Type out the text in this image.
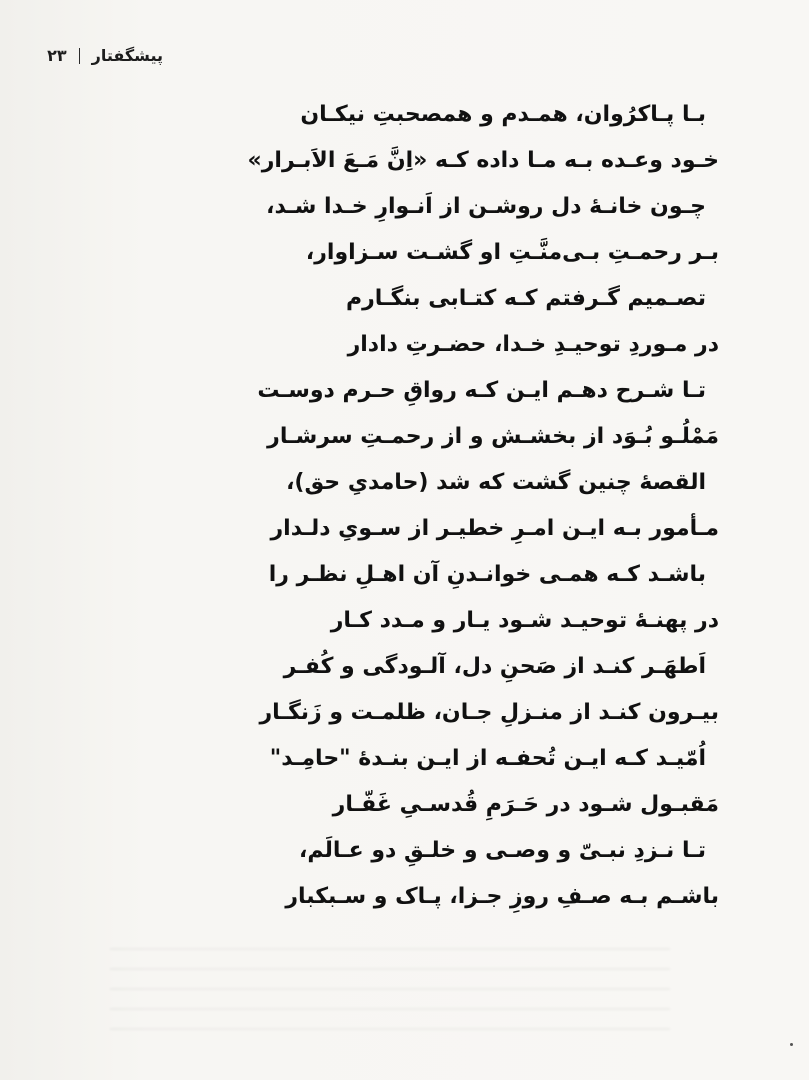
پیشگفتار
۲۳
بـا پـاکرُوان، همـدم و همصحبتِ نیکـان
خـود وعـده بـه مـا داده کـه «اِنَّ مَـعَ الاَبـرار»
چـون خانـهٔ دل روشـن از اَنـوارِ خـدا شـد،
بـر رحمـتِ بـی‌منَّـتِ او گشـت سـزاوار،
تصـمیم گـرفتم کـه کتـابی بنگـارم
در مـوردِ توحیـدِ خـدا، حضـرتِ دادار
تـا شـرح دهـم ایـن کـه رواقِ حـرم دوسـت
مَمْلُـو بُـوَد از بخشـش و از رحمـتِ سرشـار
القصهٔ چنین گشت که شد (حامدیِ حق)،
مـأمور بـه ایـن امـرِ خطیـر از سـویِ دلـدار
باشـد کـه همـی خوانـدنِ آن اهـلِ نظـر را
در پهنـهٔ توحیـد شـود یـار و مـدد کـار
اَطهَـر کنـد از صَحنِ دل، آلـودگی و کُفـر
بیـرون کنـد از منـزلِ جـان، ظلمـت و زَنگـار
اُمّیـد کـه ایـن تُحفـه از ایـن بنـدهٔ "حامِـد"
مَقبـول شـود در حَـرَمِ قُدسـیِ غَفّـار
تـا نـزدِ نبـیّ و وصـی و خلـقِ دو عـالَم،
باشـم بـه صـفِ روزِ جـزا، پـاک و سـبکبار
